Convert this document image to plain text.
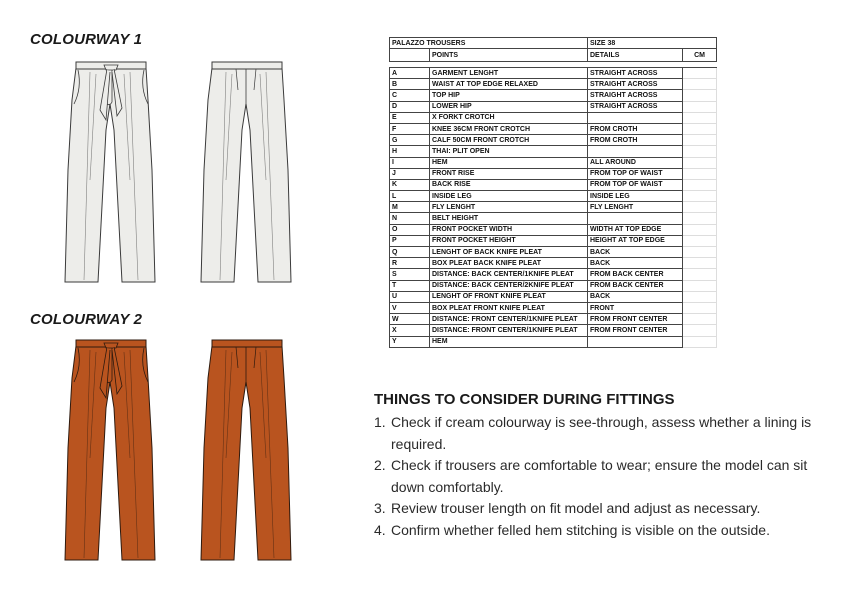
COLOURWAY 1
COLOURWAY 2
PALAZZO TROUSERS		SIZE 38	
	POINTS	DETAILS	CM

A	GARMENT LENGHT	STRAIGHT ACROSS	
B	WAIST AT TOP EDGE RELAXED	STRAIGHT ACROSS	
C	TOP HIP	STRAIGHT ACROSS	
D	LOWER HIP	STRAIGHT ACROSS	
E	X FORKT CROTCH		
F	KNEE 36CM FRONT CROTCH	FROM CROTH	
G	CALF 50CM FRONT CROTCH	FROM CROTH	
H	THAI: PLIT OPEN		
I	HEM	ALL AROUND	
J	FRONT RISE	FROM TOP OF WAIST	
K	BACK RISE	FROM TOP OF WAIST	
L	INSIDE LEG	INSIDE LEG	
M	FLY LENGHT	FLY LENGHT	
N	BELT HEIGHT		
O	FRONT POCKET WIDTH	WIDTH AT TOP EDGE	
P	FRONT POCKET HEIGHT	HEIGHT AT TOP EDGE	
Q	LENGHT OF BACK KNIFE PLEAT	BACK	
R	BOX PLEAT BACK KNIFE PLEAT	BACK	
S	DISTANCE: BACK CENTER/1KNIFE PLEAT	FROM BACK CENTER	
T	DISTANCE: BACK CENTER/2KNIFE PLEAT	FROM BACK CENTER	
U	LENGHT OF FRONT KNIFE PLEAT	BACK	
V	BOX PLEAT FRONT KNIFE PLEAT	FRONT	
W	DISTANCE: FRONT CENTER/1KNIFE PLEAT	FROM FRONT CENTER	
X	DISTANCE: FRONT CENTER/1KNIFE PLEAT	FROM FRONT CENTER	
Y	HEM		
THINGS TO CONSIDER DURING FITTINGS
1. Check if cream colourway is see-through, assess whether a lining is required.
2. Check if trousers are comfortable to wear; ensure the model can sit down comfortably.
3. Review trouser length on fit model and adjust as necessary.
4. Confirm whether felled hem stitching is visible on the outside.
